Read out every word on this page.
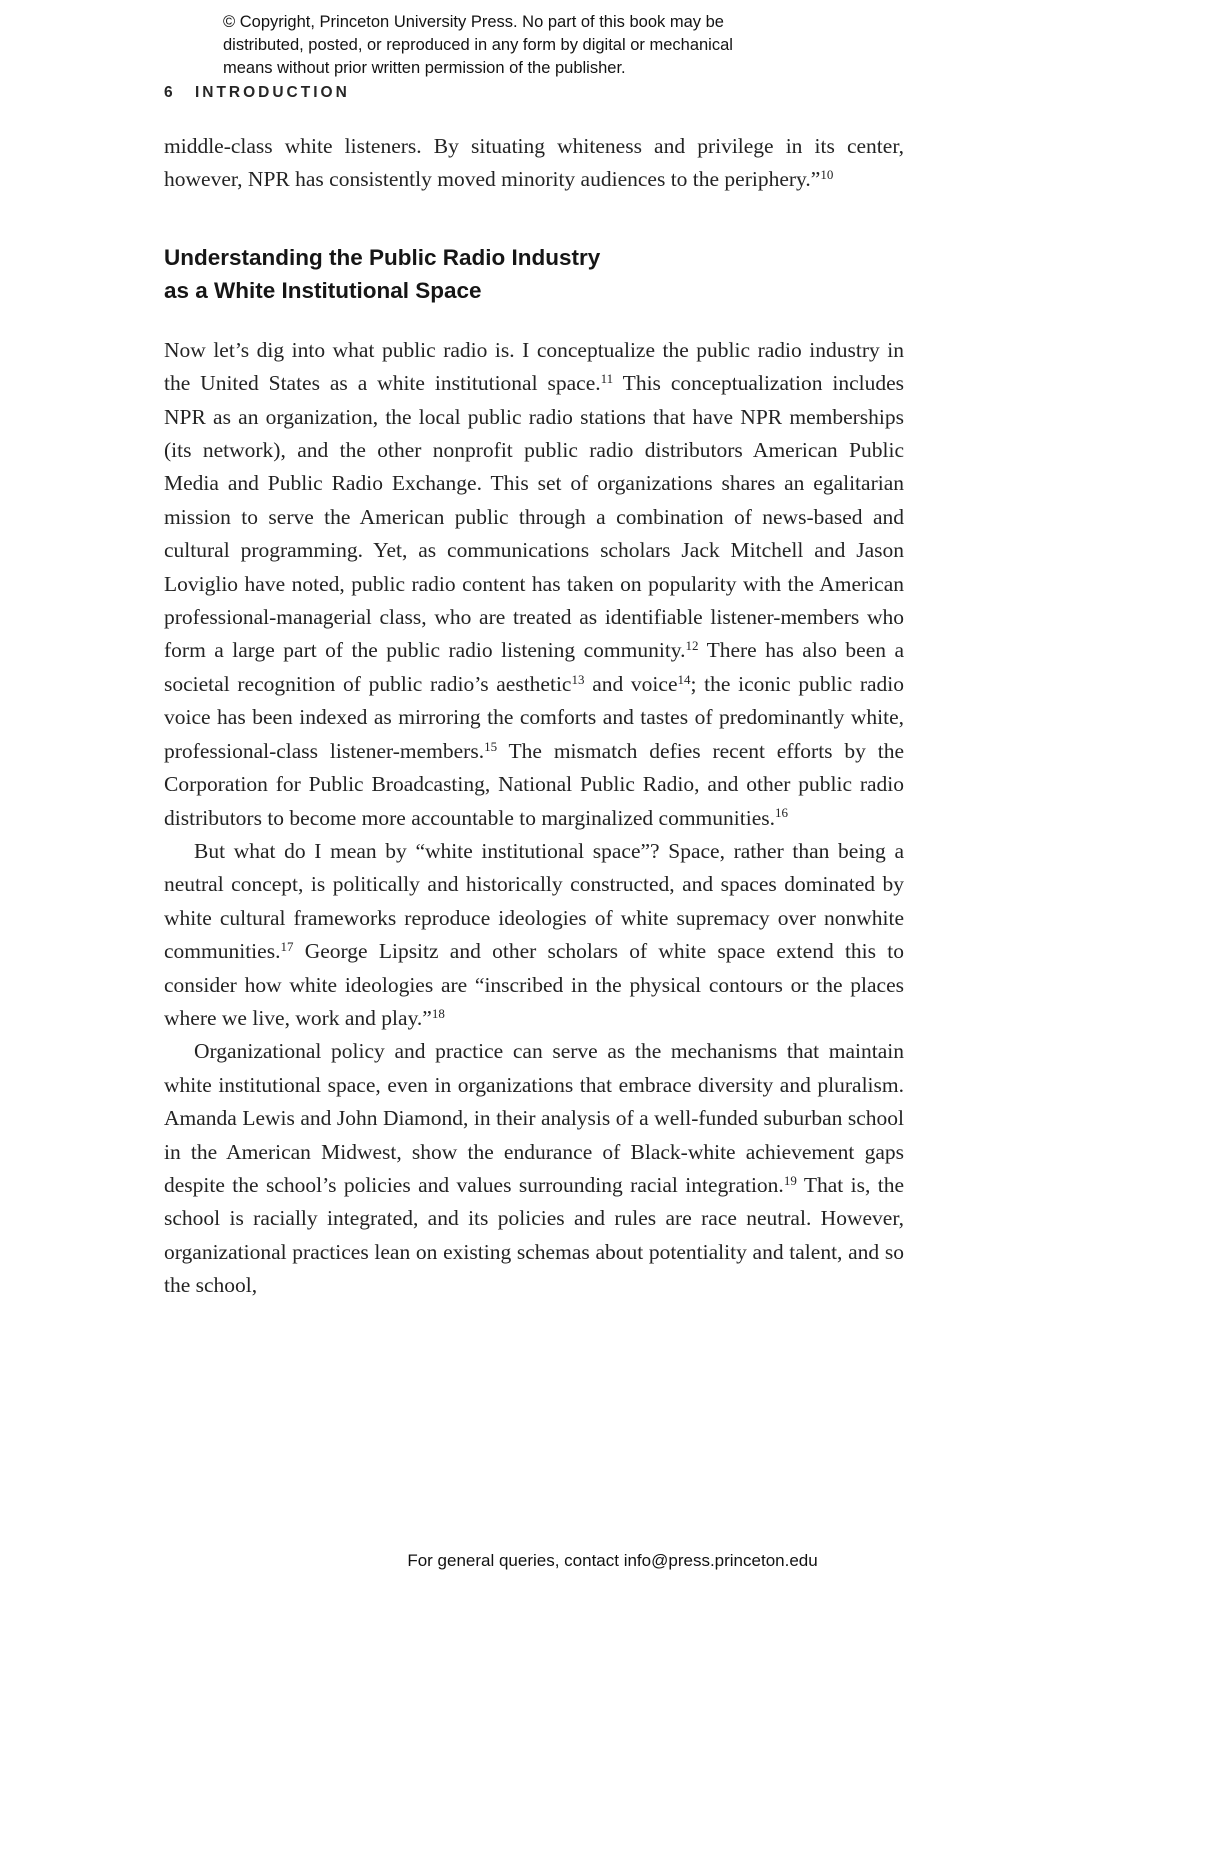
© Copyright, Princeton University Press. No part of this book may be
distributed, posted, or reproduced in any form by digital or mechanical
means without prior written permission of the publisher.
6 INTRODUCTION

middle-class white listeners. By situating whiteness and privilege in its center, however, NPR has consistently moved minority audiences to the periphery.”$^{10}$

Understanding the Public Radio Industry
as a White Institutional Space

Now let’s dig into what public radio is. I conceptualize the public radio industry in the United States as a white institutional space.$^{11}$ This conceptualization includes NPR as an organization, the local public radio stations that have NPR memberships (its network), and the other nonprofit public radio distributors American Public Media and Public Radio Exchange. This set of organizations shares an egalitarian mission to serve the American public through a combination of news-based and cultural programming. Yet, as communications scholars Jack Mitchell and Jason Loviglio have noted, public radio content has taken on popularity with the American professional-managerial class, who are treated as identifiable listener-members who form a large part of the public radio listening community.$^{12}$ There has also been a societal recognition of public radio’s aesthetic$^{13}$ and voice$^{14}$; the iconic public radio voice has been indexed as mirroring the comforts and tastes of predominantly white, professional-class listener-members.$^{15}$ The mismatch defies recent efforts by the Corporation for Public Broadcasting, National Public Radio, and other public radio distributors to become more accountable to marginalized communities.$^{16}$

But what do I mean by “white institutional space”? Space, rather than being a neutral concept, is politically and historically constructed, and spaces dominated by white cultural frameworks reproduce ideologies of white supremacy over nonwhite communities.$^{17}$ George Lipsitz and other scholars of white space extend this to consider how white ideologies are “inscribed in the physical contours or the places where we live, work and play.”$^{18}$

Organizational policy and practice can serve as the mechanisms that maintain white institutional space, even in organizations that embrace diversity and pluralism. Amanda Lewis and John Diamond, in their analysis of a well-funded suburban school in the American Midwest, show the endurance of Black-white achievement gaps despite the school’s policies and values surrounding racial integration.$^{19}$ That is, the school is racially integrated, and its policies and rules are race neutral. However, organizational practices lean on existing schemas about potentiality and talent, and so the school,

For general queries, contact info@press.princeton.edu
